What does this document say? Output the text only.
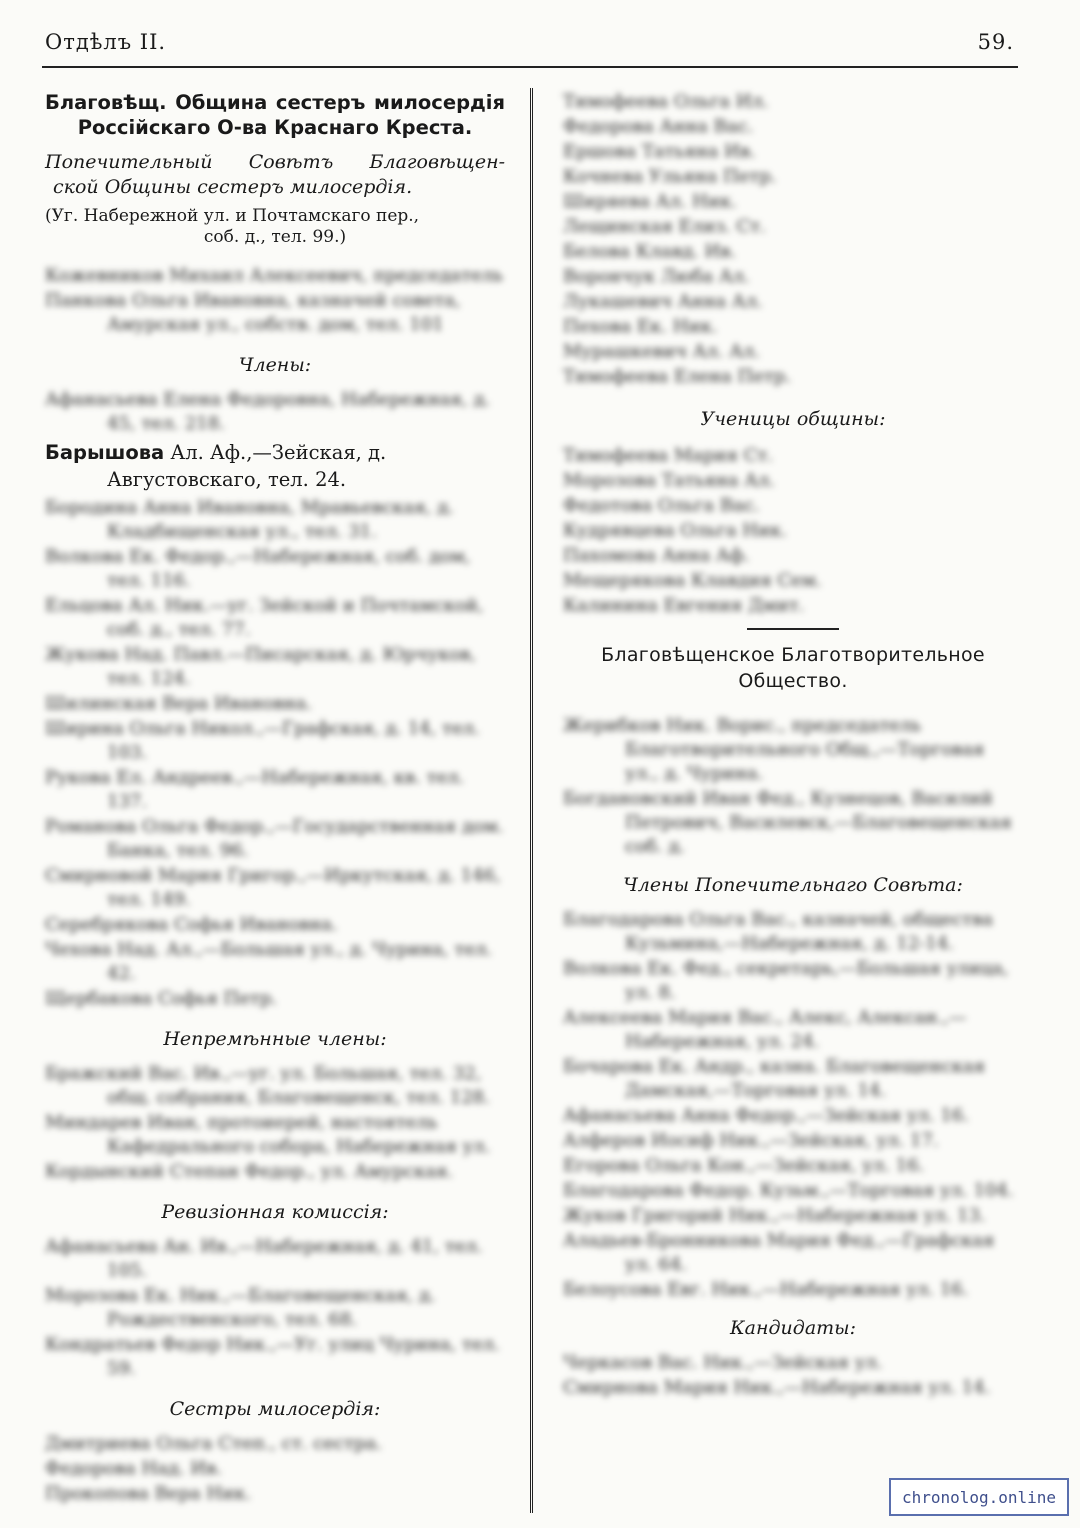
Отдѣлъ II.	59.
Благовѣщ. Община сестеръ милосердія
Россійскаго О-ва Краснаго Креста.
Попечительный Совѣтъ Благовѣщен-
ской Общины сестеръ милосердія.
(Уг. Набережной ул. и Почтамскаго пер.,
соб. д., тел. 99.)

Кожевников Михаил Алексеевич, председатель

Панкова Ольга Ивановна, казначей совета, Амурская ул., собств. дом, тел. 101

Члены:

Афанасьева Елена Федоровна, Набережная, д. 45, тел. 218.

Барышова Ал. Аф.,—Зейская, д. Августовскаго, тел. 24.

Бородина Анна Ивановна, Мравьевская, д. Кладбищенская ул., тел. 31.

Волкова Ек. Федор.,—Набережная, соб. дом, тел. 116.

Ельцова Ал. Ник.—уг. Зейской и Почтамской, соб. д., тел. 77.

Жукова Над. Павл.—Писарская, д. Юрчуков, тел. 124.

Шилинская Вера Ивановна.

Ширина Ольга Никол.,—Графская, д. 14, тел. 103.

Рукова Ел. Андреев.,—Набережная, кв. тел. 137.

Романова Ольга Федор.,—Государственная дом. Банка, тел. 96.

Смирновой Мария Григор.,—Иркутская, д. 146, тел. 149.

Серебрякова Софья Ивановна.

Чехова Над. Ал.,—Большая ул., д. Чурина, тел. 42.

Щербакова Софья Петр.

Непремѣнные члены:

Бражский Вас. Ив.,—уг. ул. Большая, тел. 32, общ. собрания, Благовещенск, тел. 128.

Миндарев Иван, протоиерей, настоятель Кафедрального собора, Набережная ул.

Кордынский Степан Федор., ул. Амурская.

Ревизіонная комиссія:

Афанасьева Ан. Ив.,—Набережная, д. 41, тел. 105.

Морозова Ек. Ник.,—Благовещенская, д. Рождественского, тел. 68.

Кондратьев Федор Ник.,—Уг. улиц Чурина, тел. 59.

Сестры милосердія:

Дмитриева Ольга Степ., ст. сестра.

Федорова Над. Ив.

Прокопова Вера Ник.

Тимофеева Ольга Ил.

Федорова Анна Вас.

Ершова Татьяна Ив.

Кочнева Ульяна Петр.

Ширяева Ал. Ник.

Лещинская Елиз. Ст.

Белова Клавд. Ив.

Ворончук Люба Ал.

Лукашевич Анна Ал.

Пехова Ек. Ник.

Мурашкевич Ал. Ал.

Тимофеева Елена Петр.

Ученицы общины:

Тимофеева Мария Ст.

Морозова Татьяна Ал.

Федотова Ольга Вас.

Кудрявцева Ольга Ник.

Пахомова Анна Аф.

Мещерякова Клавдия Сем.

Калинина Евгения Дмит.

Благовѣщенское Благотворительное
Общество.

Жерибков Ник. Ворис., председатель Благотворительного Общ.,—Торговая ул., д. Чурина.

Богдановский Иван Фед., Кузнецов, Василий Петрович, Василевск,—Благовещенская соб. д.

Члены Попечительнаго Совѣта:

Благодарова Ольга Вас., казначей, общества Кузьмина,—Набережная, д. 12-14.

Волкова Ек. Фед., секретарь,—Большая улица, ул. 8.

Алексеева Мария Вас., Алекс, Алексан.,—Набережная, ул. 24.

Бочарова Ек. Андр., казна. Благовещенская Дамская,—Торговая ул. 14.

Афанасьева Анна Федор.,—Зейская ул. 16.

Алферов Иосиф Ник.,—Зейская, ул. 17.

Егорова Ольга Кон.,—Зейская, ул. 16.

Благодарова Федор. Кузьм.,—Торговая ул. 104.

Жуков Григорий Ник.,—Набережная ул. 13.

Аладьев-Бронникова Мария Фед.,—Графская ул. 64.

Белоусова Евг. Ник.,—Набережная ул. 16.

Кандидаты:

Черкасов Вас. Ник.,—Зейская ул.

Смирнова Мария Ник.,—Набережная ул. 14.

chronolog.online
